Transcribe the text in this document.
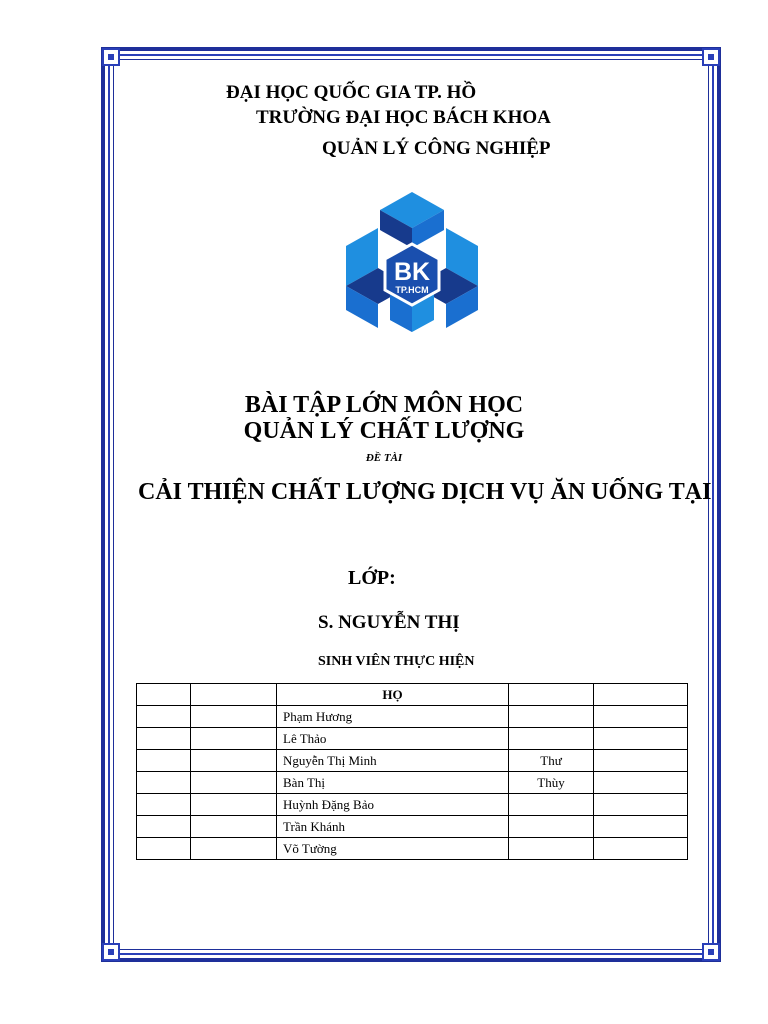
ĐẠI HỌC QUỐC GIA TP. HỒ
TRƯỜNG ĐẠI HỌC BÁCH KHOA
QUẢN LÝ CÔNG NGHIỆP
BK
TP.HCM
BÀI TẬP LỚN MÔN HỌC
QUẢN LÝ CHẤT LƯỢNG
ĐỀ TÀI
CẢI THIỆN CHẤT LƯỢNG DỊCH VỤ ĂN UỐNG TẠI
LỚP:
S. NGUYỄN THỊ
SINH VIÊN THỰC HIỆN
		HỌ		
		Phạm Hương		
		Lê Thảo		
		Nguyễn Thị Minh	Thư	
		Bàn Thị	Thùy	
		Huỳnh Đặng Bảo		
		Trần Khánh		
		Võ Tường		
